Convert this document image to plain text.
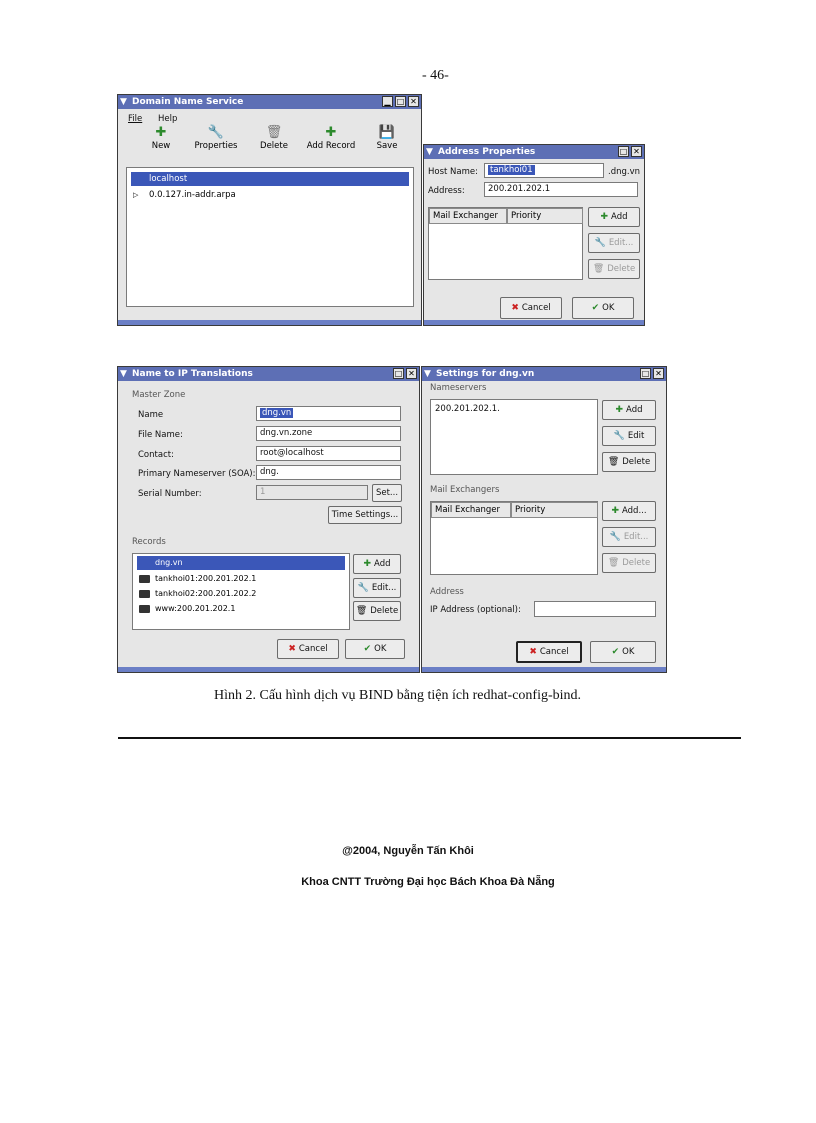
- 46-
▼ Domain Name Service	▁ □ ✕
File Help
✚
New
🔧
Properties
🗑
Delete
✚
Add Record
💾
Save
localhost
▷ 0.0.127.in-addr.arpa
▼ Address Properties	□ ✕
Host Name:	tankhoi01	.dng.vn
Address:	200.201.202.1
Mail Exchanger	Priority	✚ Add
🔧 Edit...
🗑 Delete
✖ Cancel	✔ OK
▼ Name to IP Translations	□ ✕
Master Zone
Name	dng.vn
File Name:	dng.vn.zone
Contact:	root@localhost
Primary Nameserver (SOA): dng.
Serial Number:	1	Set...
Time Settings...
Records
dng.vn
tankhoi01:200.201.202.1
tankhoi02:200.201.202.2
www:200.201.202.1
✚ Add
🔧 Edit...
🗑 Delete
✖ Cancel	✔ OK
▼ Settings for dng.vn	□ ✕
Nameservers
200.201.202.1.	✚ Add
🔧 Edit
🗑 Delete
Mail Exchangers
Mail Exchanger	Priority	✚ Add...
🔧 Edit...
🗑 Delete
Address
IP Address (optional):
✖ Cancel	✔ OK
Hình 2. Cấu hình dịch vụ BIND bằng tiện ích redhat-config-bind.
@2004, Nguyễn Tấn Khôi
Khoa CNTT Trường Đại học Bách Khoa Đà Nẵng
